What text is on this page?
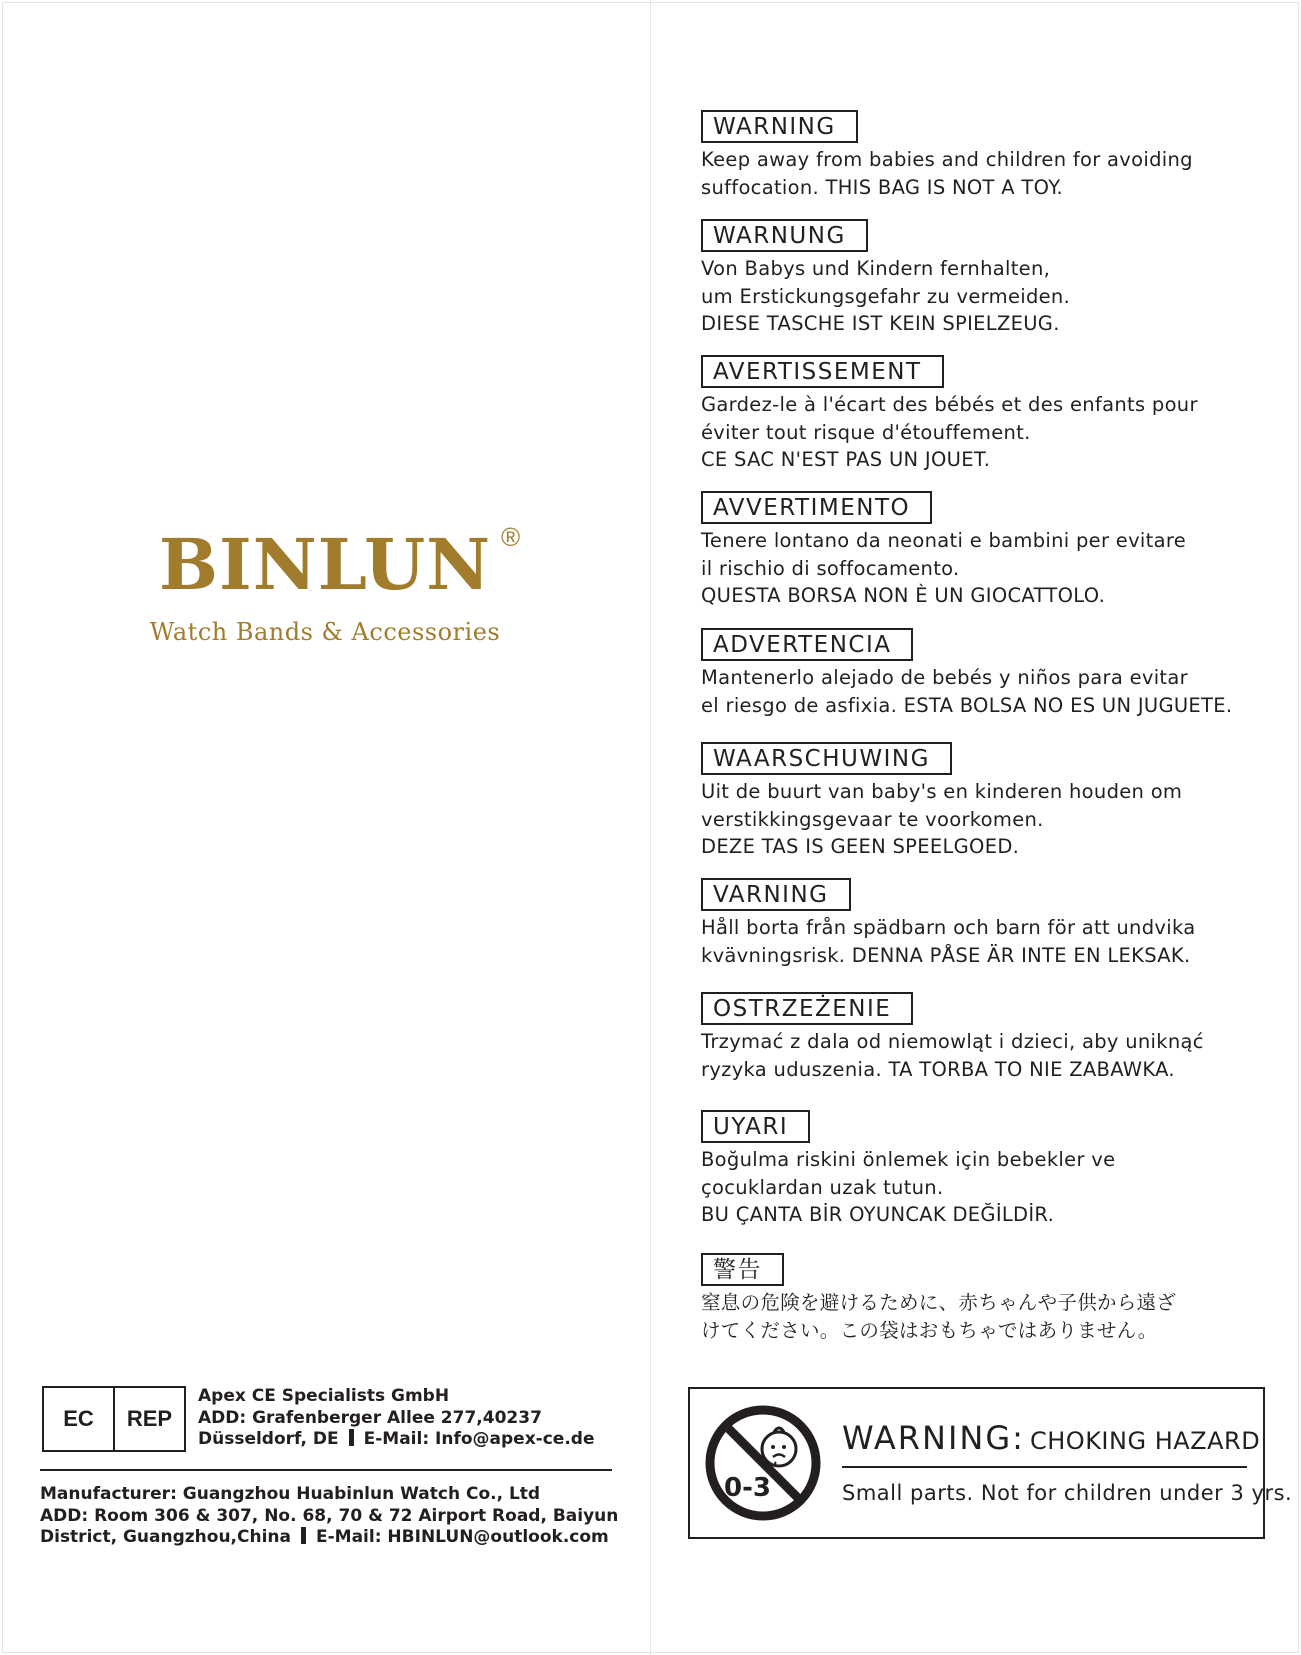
BINLUN ®
Watch Bands & Accessories
EC	REP
Apex CE Specialists GmbH
ADD: Grafenberger Allee 277,40237
Düsseldorf, DE E-Mail: Info@apex-ce.de
Manufacturer: Guangzhou Huabinlun Watch Co., Ltd
ADD: Room 306 & 307, No. 68, 70 & 72 Airport Road, Baiyun
District, Guangzhou,China E-Mail: HBINLUN@outlook.com
WARNING
Keep away from babies and children for avoiding
suffocation. THIS BAG IS NOT A TOY.
WARNUNG
Von Babys und Kindern fernhalten,
um Erstickungsgefahr zu vermeiden.
DIESE TASCHE IST KEIN SPIELZEUG.
AVERTISSEMENT
Gardez-le à l'écart des bébés et des enfants pour
éviter tout risque d'étouffement.
CE SAC N'EST PAS UN JOUET.
AVVERTIMENTO
Tenere lontano da neonati e bambini per evitare
il rischio di soffocamento.
QUESTA BORSA NON È UN GIOCATTOLO.
ADVERTENCIA
Mantenerlo alejado de bebés y niños para evitar
el riesgo de asfixia. ESTA BOLSA NO ES UN JUGUETE.
WAARSCHUWING
Uit de buurt van baby's en kinderen houden om
verstikkingsgevaar te voorkomen.
DEZE TAS IS GEEN SPEELGOED.
VARNING
Håll borta från spädbarn och barn för att undvika
kvävningsrisk. DENNA PÅSE ÄR INTE EN LEKSAK.
OSTRZEŻENIE
Trzymać z dala od niemowląt i dzieci, aby uniknąć
ryzyka uduszenia. TA TORBA TO NIE ZABAWKA.
UYARI
Boğulma riskini önlemek için bebekler ve
çocuklardan uzak tutun.
BU ÇANTA BİR OYUNCAK DEĞİLDİR.
警告
窒息の危険を避けるために、赤ちゃんや子供から遠ざ
けてください。この袋はおもちゃではありません。
0-3
WARNING: CHOKING HAZARD
Small parts. Not for children under 3 yrs.
